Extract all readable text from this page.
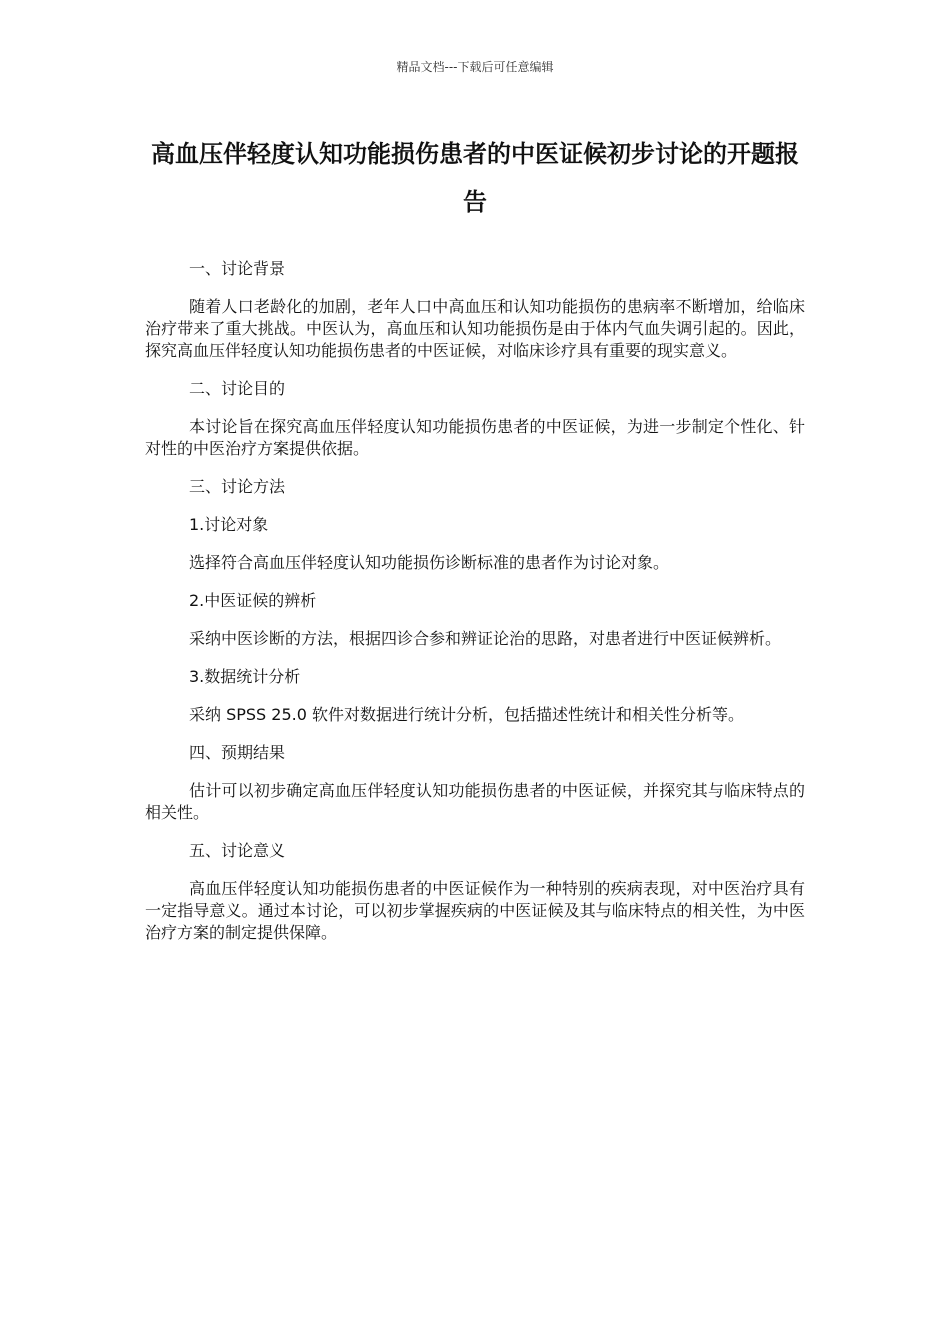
精品文档---下载后可任意编辑
高血压伴轻度认知功能损伤患者的中医证候初步讨论的开题报告

一、讨论背景

随着人口老龄化的加剧，老年人口中高血压和认知功能损伤的患病率不断增加，给临床治疗带来了重大挑战。中医认为，高血压和认知功能损伤是由于体内气血失调引起的。因此，探究高血压伴轻度认知功能损伤患者的中医证候，对临床诊疗具有重要的现实意义。

二、讨论目的

本讨论旨在探究高血压伴轻度认知功能损伤患者的中医证候，为进一步制定个性化、针对性的中医治疗方案提供依据。

三、讨论方法

1.讨论对象

选择符合高血压伴轻度认知功能损伤诊断标准的患者作为讨论对象。

2.中医证候的辨析

采纳中医诊断的方法，根据四诊合参和辨证论治的思路，对患者进行中医证候辨析。

3.数据统计分析

采纳 SPSS 25.0 软件对数据进行统计分析，包括描述性统计和相关性分析等。

四、预期结果

估计可以初步确定高血压伴轻度认知功能损伤患者的中医证候，并探究其与临床特点的相关性。

五、讨论意义

高血压伴轻度认知功能损伤患者的中医证候作为一种特别的疾病表现，对中医治疗具有一定指导意义。通过本讨论，可以初步掌握疾病的中医证候及其与临床特点的相关性，为中医治疗方案的制定提供保障。
